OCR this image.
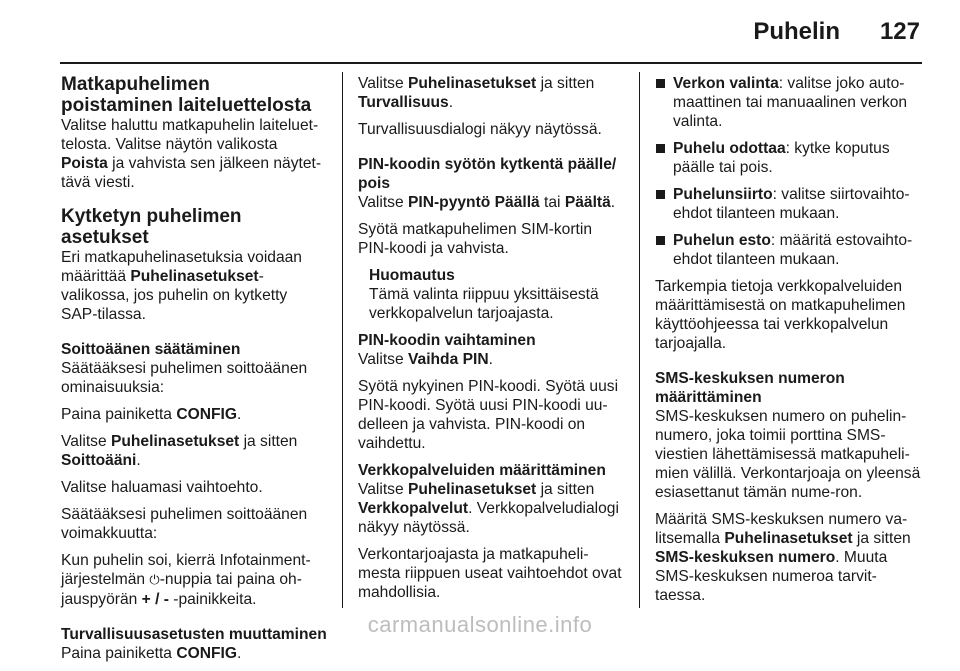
Puhelin	127
Matkapuhelimen poistaminen laiteluettelosta

Valitse haluttu matkapuhelin laiteluet-telosta. Valitse näytön valikosta Poista ja vahvista sen jälkeen näytet-tävä viesti.

Kytketyn puhelimen asetukset

Eri matkapuhelinasetuksia voidaan määrittää Puhelinasetukset-valikossa, jos puhelin on kytketty SAP-tilassa.

Soittoäänen säätäminen

Säätääksesi puhelimen soittoäänen ominaisuuksia:

Paina painiketta CONFIG.

Valitse Puhelinasetukset ja sitten Soittoääni.

Valitse haluamasi vaihtoehto.

Säätääksesi puhelimen soittoäänen voimakkuutta:

Kun puhelin soi, kierrä Infotainment-järjestelmän ⏻-nuppia tai paina oh-jauspyörän + / - -painikkeita.

Turvallisuusasetusten muuttaminen

Paina painiketta CONFIG.

Valitse Puhelinasetukset ja sitten Turvallisuus.

Turvallisuusdialogi näkyy näytössä.

PIN-koodin syötön kytkentä päälle/ pois

Valitse PIN-pyyntö Päällä tai Päältä.

Syötä matkapuhelimen SIM-kortin PIN-koodi ja vahvista.

Huomautus
Tämä valinta riippuu yksittäisestä verkkopalvelun tarjoajasta.
PIN-koodin vaihtaminen

Valitse Vaihda PIN.

Syötä nykyinen PIN-koodi. Syötä uusi PIN-koodi. Syötä uusi PIN-koodi uu-delleen ja vahvista. PIN-koodi on vaihdettu.

Verkkopalveluiden määrittäminen

Valitse Puhelinasetukset ja sitten Verkkopalvelut. Verkkopalveludialogi näkyy näytössä.

Verkontarjoajasta ja matkapuheli-mesta riippuen useat vaihtoehdot ovat mahdollisia.

Verkon valinta: valitse joko auto-maattinen tai manuaalinen verkon valinta.
Puhelu odottaa: kytke koputus päälle tai pois.
Puhelunsiirto: valitse siirtovaihto-ehdot tilanteen mukaan.
Puhelun esto: määritä estovaihto-ehdot tilanteen mukaan.

Tarkempia tietoja verkkopalveluiden määrittämisestä on matkapuhelimen käyttöohjeessa tai verkkopalvelun tarjoajalla.

SMS-keskuksen numeron määrittäminen

SMS-keskuksen numero on puhelin-numero, joka toimii porttina SMS-viestien lähettämisessä matkapuheli-mien välillä. Verkontarjoaja on yleensä esiasettanut tämän nume-ron.

Määritä SMS-keskuksen numero va-litsemalla Puhelinasetukset ja sitten SMS-keskuksen numero. Muuta SMS-keskuksen numeroa tarvit-taessa.

carmanualsonline.info
